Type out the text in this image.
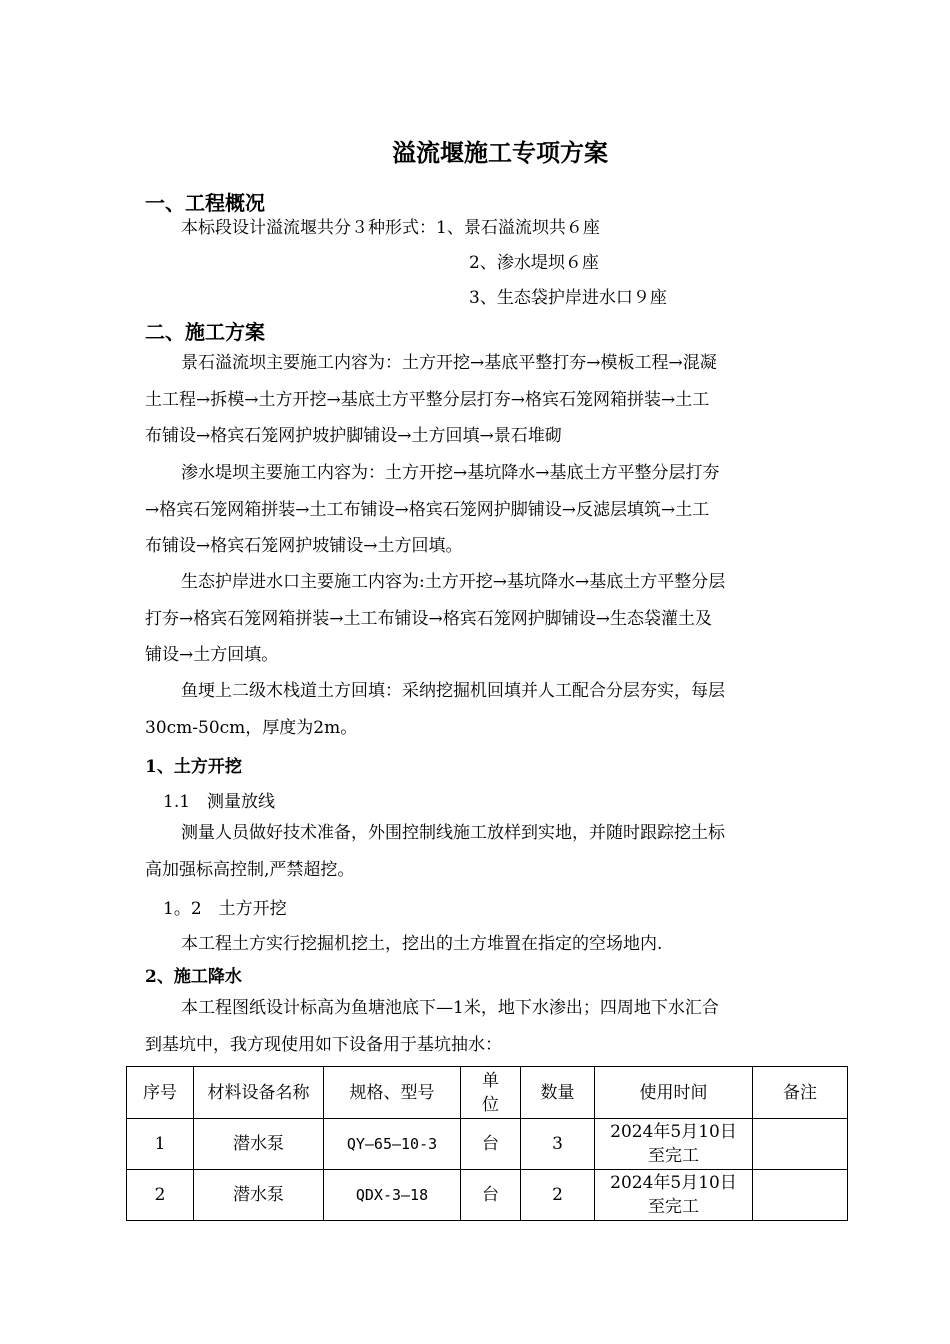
溢流堰施工专项方案
一、工程概况
本标段设计溢流堰共分３种形式：1、景石溢流坝共６座
2、渗水堤坝６座
3、生态袋护岸进水口９座
二、施工方案
景石溢流坝主要施工内容为：土方开挖→基底平整打夯→模板工程→混凝
土工程→拆模→土方开挖→基底土方平整分层打夯→格宾石笼网箱拼装→土工
布铺设→格宾石笼网护坡护脚铺设→土方回填→景石堆砌
渗水堤坝主要施工内容为：土方开挖→基坑降水→基底土方平整分层打夯
→格宾石笼网箱拼装→土工布铺设→格宾石笼网护脚铺设→反滤层填筑→土工
布铺设→格宾石笼网护坡铺设→土方回填。
生态护岸进水口主要施工内容为:土方开挖→基坑降水→基底土方平整分层
打夯→格宾石笼网箱拼装→土工布铺设→格宾石笼网护脚铺设→生态袋灌土及
铺设→土方回填。
鱼埂上二级木栈道土方回填：采纳挖掘机回填并人工配合分层夯实，每层
30cm-50cm，厚度为2m。
1、土方开挖
1.1　测量放线
测量人员做好技术准备，外围控制线施工放样到实地，并随时跟踪挖土标
高加强标高控制,严禁超挖。
1。2　土方开挖
本工程土方实行挖掘机挖土，挖出的土方堆置在指定的空场地内.
2、施工降水
本工程图纸设计标高为鱼塘池底下—1米，地下水渗出；四周地下水汇合
到基坑中，我方现使用如下设备用于基坑抽水：
序号	材料设备名称	规格、型号	单位	数量	使用时间	备注
1	潜水泵	QY—65—10-3	台	3	2024年5月10日至完工	
2	潜水泵	QDX-3—18	台	2	2024年5月10日至完工	
